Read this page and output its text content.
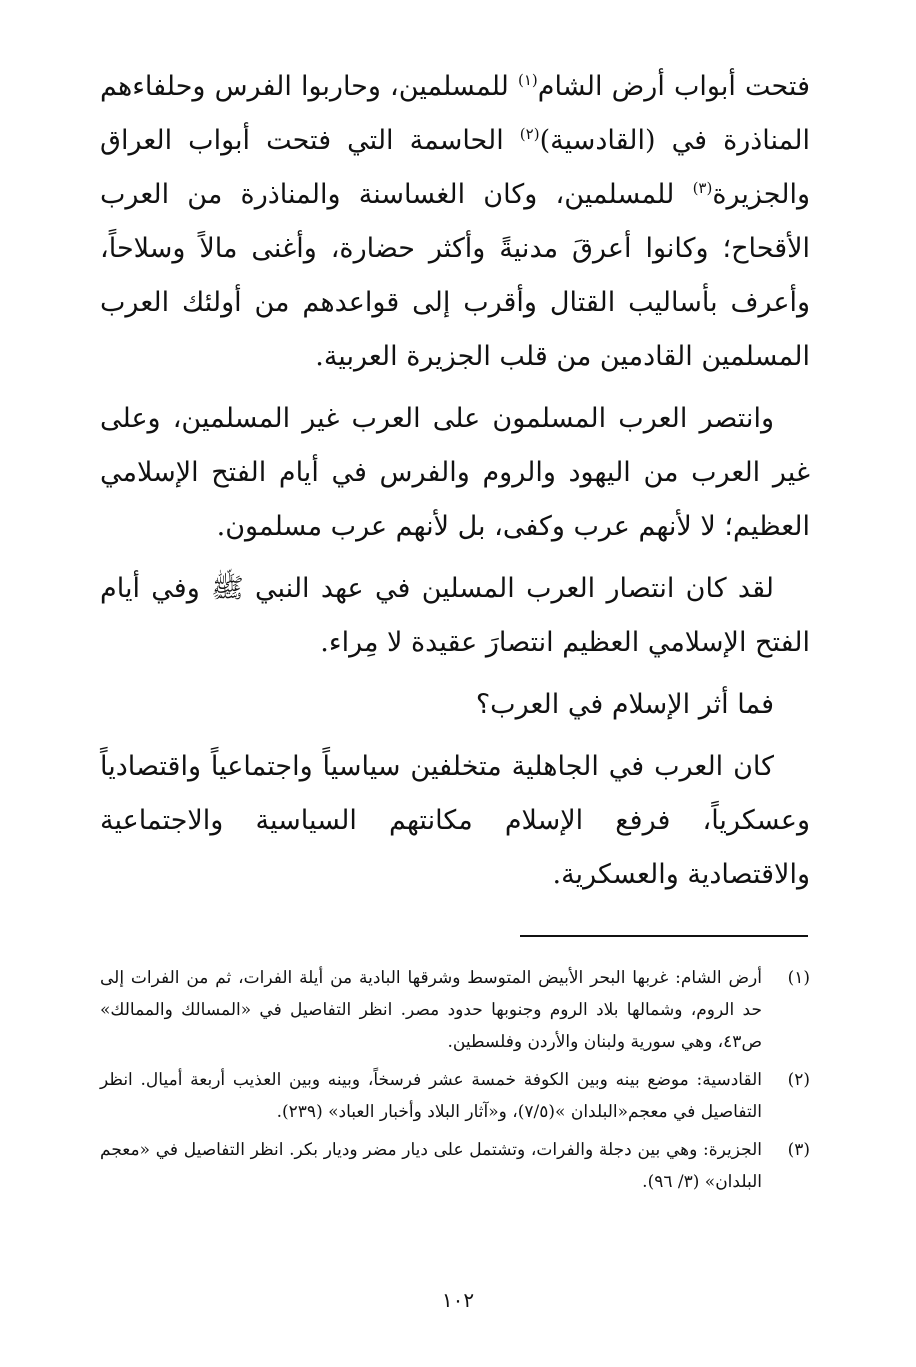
فتحت أبواب أرض الشام$^{(١)}$ للمسلمين، وحاربوا الفرس وحلفاءهم المناذرة في (القادسية)$^{(٢)}$ الحاسمة التي فتحت أبواب العراق والجزيرة$^{(٣)}$ للمسلمين، وكان الغساسنة والمناذرة من العرب الأقحاح؛ وكانوا أعرقَ مدنيةً وأكثر حضارة، وأغنى مالاً وسلاحاً، وأعرف بأساليب القتال وأقرب إلى قواعدهم من أولئك العرب المسلمين القادمين من قلب الجزيرة العربية.

وانتصر العرب المسلمون على العرب غير المسلمين، وعلى غير العرب من اليهود والروم والفرس في أيام الفتح الإسلامي العظيم؛ لا لأنهم عرب وكفى، بل لأنهم عرب مسلمون.

لقد كان انتصار العرب المسلين في عهد النبي ﷺ وفي أيام الفتح الإسلامي العظيم انتصارَ عقيدة لا مِراء.

فما أثر الإسلام في العرب؟

كان العرب في الجاهلية متخلفين سياسياً واجتماعياً واقتصادياً وعسكرياً، فرفع الإسلام مكانتهم السياسية والاجتماعية والاقتصادية والعسكرية.

(١)
أرض الشام: غربها البحر الأبيض المتوسط وشرقها البادية من أيلة الفرات، ثم من الفرات إلى حد الروم، وشمالها بلاد الروم وجنوبها حدود مصر. انظر التفاصيل في «المسالك والممالك» ص٤٣، وهي سورية ولبنان والأردن وفلسطين.
(٢)
القادسية: موضع بينه وبين الكوفة خمسة عشر فرسخاً، وبينه وبين العذيب أربعة أميال. انظر التفاصيل في معجم«البلدان »(٧/٥)، و«آثار البلاد وأخبار العباد» (٢٣٩).
(٣)
الجزيرة: وهي بين دجلة والفرات، وتشتمل على ديار مضر وديار بكر. انظر التفاصيل في «معجم البلدان» (٣/ ٩٦).
١٠٢
